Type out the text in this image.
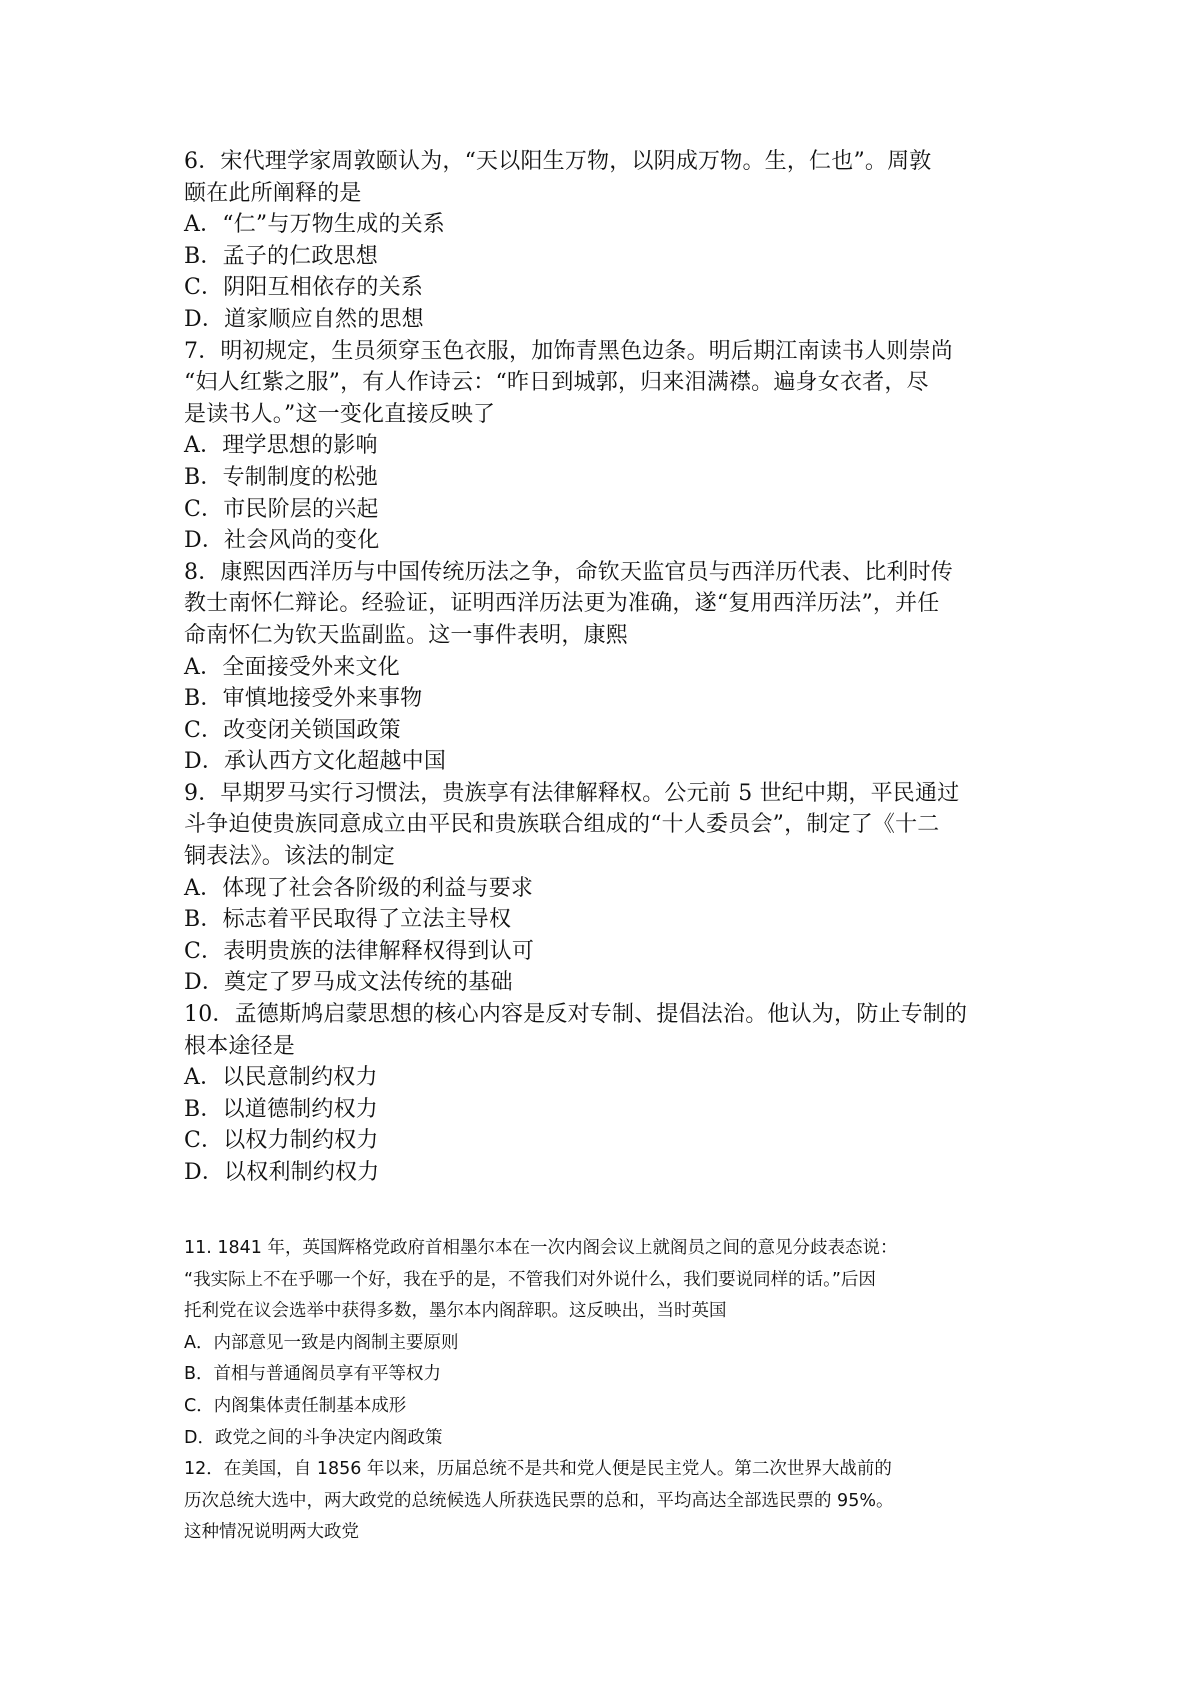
6．宋代理学家周敦颐认为，“天以阳生万物，以阴成万物。生，仁也”。周敦
颐在此所阐释的是
A．“仁”与万物生成的关系
B．孟子的仁政思想
C．阴阳互相依存的关系
D．道家顺应自然的思想
7．明初规定，生员须穿玉色衣服，加饰青黑色边条。明后期江南读书人则崇尚
“妇人红紫之服”，有人作诗云：“昨日到城郭，归来泪满襟。遍身女衣者，尽
是读书人。”这一变化直接反映了
A．理学思想的影响
B．专制制度的松弛
C．市民阶层的兴起
D．社会风尚的变化
8．康熙因西洋历与中国传统历法之争，命钦天监官员与西洋历代表、比利时传
教士南怀仁辩论。经验证，证明西洋历法更为准确，遂“复用西洋历法”，并任
命南怀仁为钦天监副监。这一事件表明，康熙
A．全面接受外来文化
B．审慎地接受外来事物
C．改变闭关锁国政策
D．承认西方文化超越中国
9．早期罗马实行习惯法，贵族享有法律解释权。公元前 5 世纪中期，平民通过
斗争迫使贵族同意成立由平民和贵族联合组成的“十人委员会”，制定了《十二
铜表法》。该法的制定
A．体现了社会各阶级的利益与要求
B．标志着平民取得了立法主导权
C．表明贵族的法律解释权得到认可
D．奠定了罗马成文法传统的基础
10．孟德斯鸠启蒙思想的核心内容是反对专制、提倡法治。他认为，防止专制的
根本途径是
A．以民意制约权力
B．以道德制约权力
C．以权力制约权力
D．以权利制约权力
11. 1841 年，英国辉格党政府首相墨尔本在一次内阁会议上就阁员之间的意见分歧表态说：
“我实际上不在乎哪一个好，我在乎的是，不管我们对外说什么，我们要说同样的话。”后因
托利党在议会选举中获得多数，墨尔本内阁辞职。这反映出，当时英国
A．内部意见一致是内阁制主要原则
B．首相与普通阁员享有平等权力
C．内阁集体责任制基本成形
D．政党之间的斗争决定内阁政策
12．在美国，自 1856 年以来，历届总统不是共和党人便是民主党人。第二次世界大战前的
历次总统大选中，两大政党的总统候选人所获选民票的总和，平均高达全部选民票的 95%。
这种情况说明两大政党
